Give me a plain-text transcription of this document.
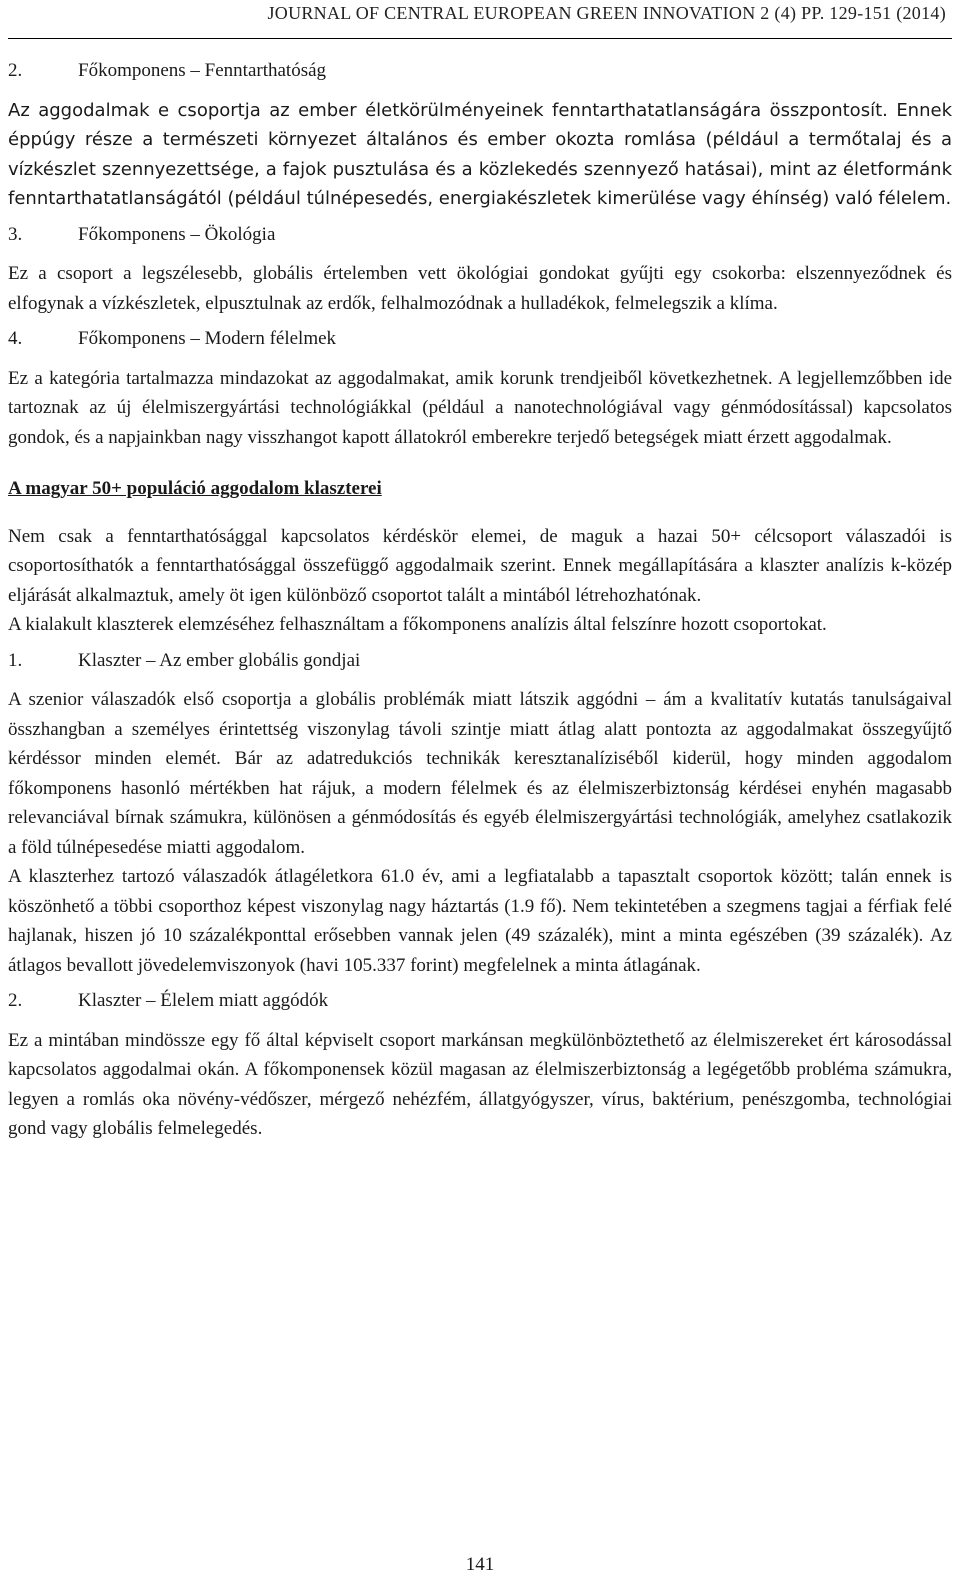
JOURNAL OF CENTRAL EUROPEAN GREEN INNOVATION 2 (4) PP. 129-151 (2014)
2.	Főkomponens – Fenntarthatóság

Az aggodalmak e csoportja az ember életkörülményeinek fenntarthatatlanságára összpontosít. Ennek éppúgy része a természeti környezet általános és ember okozta romlása (például a termőtalaj és a vízkészlet szennyezettsége, a fajok pusztulása és a közlekedés szennyező hatásai), mint az életformánk fenntarthatatlanságától (például túlnépesedés, energiakészletek kimerülése vagy éhínség) való félelem.

3.	Főkomponens – Ökológia

Ez a csoport a legszélesebb, globális értelemben vett ökológiai gondokat gyűjti egy csokorba: elszennyeződnek és elfogynak a vízkészletek, elpusztulnak az erdők, felhalmozódnak a hulladékok, felmelegszik a klíma.

4.	Főkomponens – Modern félelmek

Ez a kategória tartalmazza mindazokat az aggodalmakat, amik korunk trendjeiből következhetnek. A legjellemzőbben ide tartoznak az új élelmiszergyártási technológiákkal (például a nanotechnológiával vagy génmódosítással) kapcsolatos gondok, és a napjainkban nagy visszhangot kapott állatokról emberekre terjedő betegségek miatt érzett aggodalmak.

A magyar 50+ populáció aggodalom klaszterei

Nem csak a fenntarthatósággal kapcsolatos kérdéskör elemei, de maguk a hazai 50+ célcsoport válaszadói is csoportosíthatók a fenntarthatósággal összefüggő aggodalmaik szerint. Ennek megállapítására a klaszter analízis k-közép eljárását alkalmaztuk, amely öt igen különböző csoportot talált a mintából létrehozhatónak.

A kialakult klaszterek elemzéséhez felhasználtam a főkomponens analízis által felszínre hozott csoportokat.

1.	Klaszter – Az ember globális gondjai

A szenior válaszadók első csoportja a globális problémák miatt látszik aggódni – ám a kvalitatív kutatás tanulságaival összhangban a személyes érintettség viszonylag távoli szintje miatt átlag alatt pontozta az aggodalmakat összegyűjtő kérdéssor minden elemét. Bár az adatredukciós technikák keresztanalíziséből kiderül, hogy minden aggodalom főkomponens hasonló mértékben hat rájuk, a modern félelmek és az élelmiszerbiztonság kérdései enyhén magasabb relevanciával bírnak számukra, különösen a génmódosítás és egyéb élelmiszergyártási technológiák, amelyhez csatlakozik a föld túlnépesedése miatti aggodalom.

A klaszterhez tartozó válaszadók átlagéletkora 61.0 év, ami a legfiatalabb a tapasztalt csoportok között; talán ennek is köszönhető a többi csoporthoz képest viszonylag nagy háztartás (1.9 fő). Nem tekintetében a szegmens tagjai a férfiak felé hajlanak, hiszen jó 10 százalékponttal erősebben vannak jelen (49 százalék), mint a minta egészében (39 százalék). Az átlagos bevallott jövedelemviszonyok (havi 105.337 forint) megfelelnek a minta átlagának.

2.	Klaszter – Élelem miatt aggódók

Ez a mintában mindössze egy fő által képviselt csoport markánsan megkülönböztethető az élelmiszereket ért károsodással kapcsolatos aggodalmai okán. A főkomponensek közül magasan az élelmiszerbiztonság a legégetőbb probléma számukra, legyen a romlás oka növény-védőszer, mérgező nehézfém, állatgyógyszer, vírus, baktérium, penészgomba, technológiai gond vagy globális felmelegedés.

141
